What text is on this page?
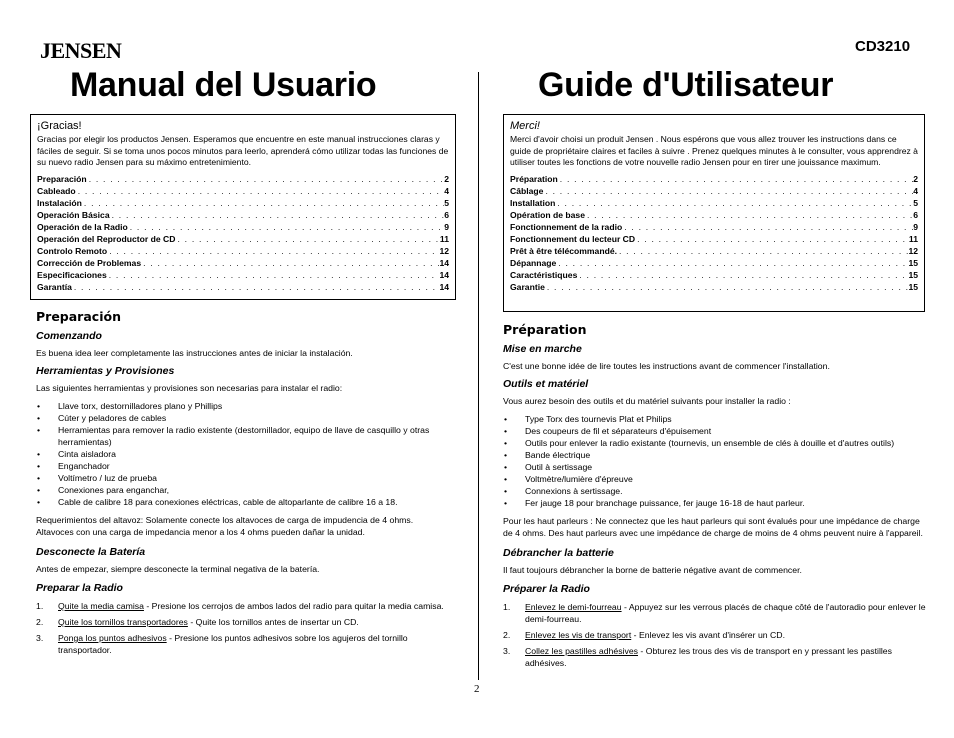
JENSEN	CD3210
Manual del Usuario	Guide d'Utilisateur
¡Gracias!
Gracias por elegir los productos Jensen. Esperamos que encuentre en este manual instrucciones claras y fáciles de seguir. Si se toma unos pocos minutos para leerlo, aprenderá cómo utilizar todas las funciones de su nuevo radio Jensen para su máximo entretenimiento.
Preparación . . .	2
Cableado . . .	4
Instalación . . .	5
Operación Básica . . .	6
Operación de la Radio . . .	9
Operación del Reproductor de CD . . .	11
Controlo Remoto . . .	12
Corrección de Problemas . . .	14
Especificaciones . . .	14
Garantía . . .	14
Preparación
Comenzando

Es buena idea leer completamente las instrucciones antes de iniciar la instalación.

Herramientas y Provisiones

Las siguientes herramientas y provisiones son necesarias para instalar el radio:

• Llave torx, destornilladores plano y Phillips
• Cúter y peladores de cables
• Herramientas para remover la radio existente (destornillador, equipo de llave de casquillo y otras herramientas)
• Cinta aisladora
• Enganchador
• Voltímetro / luz de prueba
• Conexiones para enganchar,
• Cable de calibre 18 para conexiones eléctricas, cable de altoparlante de calibre 16 a 18.

Requerimientos del altavoz: Solamente conecte los altavoces de carga de impudencia de 4 ohms. Altavoces con una carga de impedancia menor a los 4 ohms pueden dañar la unidad.

Desconecte la Batería

Antes de empezar, siempre desconecte la terminal negativa de la batería.

Preparar la Radio
1. Quite la media camisa - Presione los cerrojos de ambos lados del radio para quitar la media camisa.
2. Quite los tornillos transportadores - Quite los tornillos antes de insertar un CD.
3. Ponga los puntos adhesivos - Presione los puntos adhesivos sobre los agujeros del tornillo transportador.
Merci!
Merci d'avoir choisi un produit Jensen . Nous espérons que vous allez trouver les instructions dans ce guide de propriétaire claires et faciles à suivre . Prenez quelques minutes à le consulter, vous apprendrez à utiliser toutes les fonctions de votre nouvelle radio Jensen pour en tirer une jouissance maximum.
Préparation . . .	2
Câblage . . .	4
Installation . . .	5
Opération de base . . .	6
Fonctionnement de la radio . . .	9
Fonctionnement du lecteur CD . . .	11
Prêt à être télécommandé. . . .	12
Dépannage . . .	15
Caractéristiques . . .	15
Garantie . . .	15
Préparation
Mise en marche

C'est une bonne idée de lire toutes les instructions avant de commencer l'installation.

Outils et matériel

Vous aurez besoin des outils et du matériel suivants pour installer la radio :

• Type Torx des tournevis Plat et Philips
• Des coupeurs de fil et séparateurs d'épuisement
• Outils pour enlever la radio existante (tournevis, un ensemble de clés à douille et d'autres outils)
• Bande électrique
• Outil à sertissage
• Voltmètre/lumière d'épreuve
• Connexions à sertissage.
• Fer jauge 18 pour branchage puissance, fer jauge 16-18 de haut parleur.

Pour les haut parleurs : Ne connectez que les haut parleurs qui sont évalués pour une impédance de charge de 4 ohms. Des haut parleurs avec une impédance de charge de moins de 4 ohms peuvent nuire à l'appareil.

Débrancher la batterie

Il faut toujours débrancher la borne de batterie négative avant de commencer.

Préparer la Radio
1. Enlevez le demi-fourreau - Appuyez sur les verrous placés de chaque côté de l'autoradio pour enlever le demi-fourreau.
2. Enlevez les vis de transport - Enlevez les vis avant d'insérer un CD.
3. Collez les pastilles adhésives - Obturez les trous des vis de transport en y pressant les pastilles adhésives.
2
